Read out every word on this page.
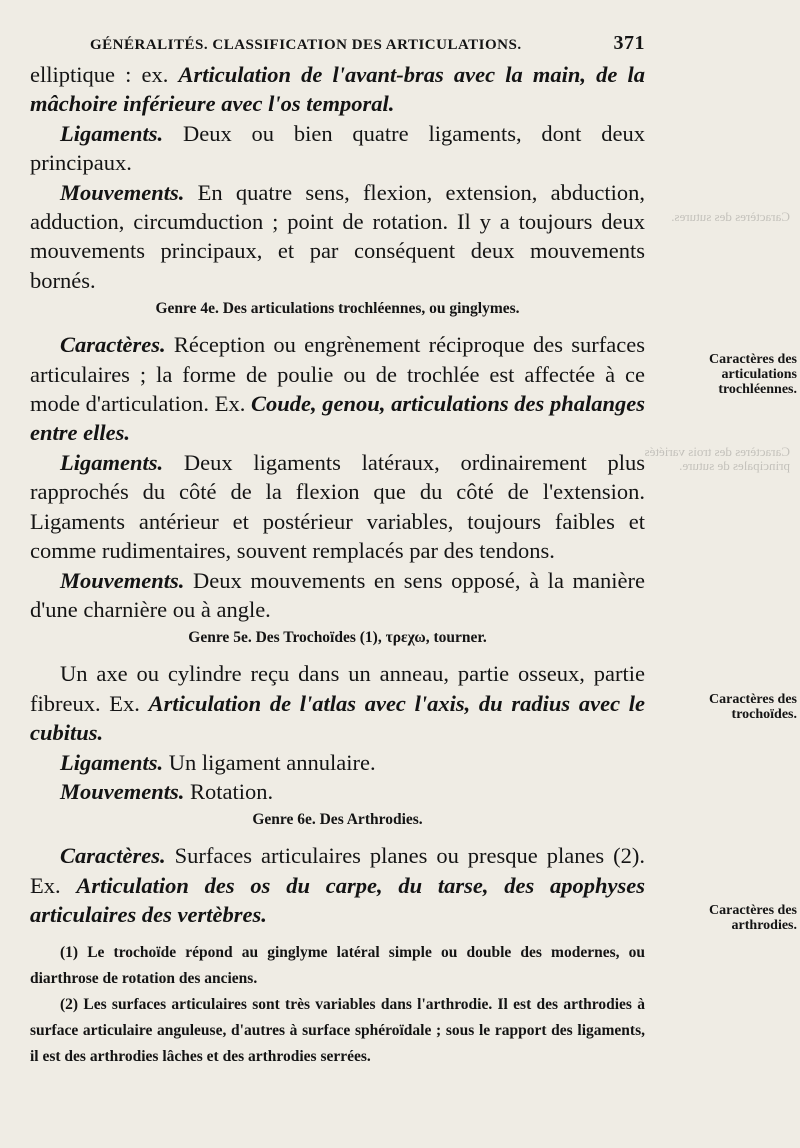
GÉNÉRALITÉS. CLASSIFICATION DES ARTICULATIONS.	371

elliptique : ex. Articulation de l'avant-bras avec la main, de la mâchoire inférieure avec l'os temporal.

Ligaments. Deux ou bien quatre ligaments, dont deux principaux.

Mouvements. En quatre sens, flexion, extension, abduction, adduction, circumduction ; point de rotation. Il y a toujours deux mouvements principaux, et par conséquent deux mouvements bornés.

Genre 4e. Des articulations trochléennes, ou ginglymes.

Caractères. Réception ou engrènement réciproque des surfaces articulaires ; la forme de poulie ou de trochlée est affectée à ce mode d'articulation. Ex. Coude, genou, articulations des phalanges entre elles.

Ligaments. Deux ligaments latéraux, ordinairement plus rapprochés du côté de la flexion que du côté de l'extension. Ligaments antérieur et postérieur variables, toujours faibles et comme rudimentaires, souvent remplacés par des tendons.

Mouvements. Deux mouvements en sens opposé, à la manière d'une charnière ou à angle.

Genre 5e. Des Trochoïdes (1), τρεχω, tourner.

Un axe ou cylindre reçu dans un anneau, partie osseux, partie fibreux. Ex. Articulation de l'atlas avec l'axis, du radius avec le cubitus.

Ligaments. Un ligament annulaire.

Mouvements. Rotation.

Genre 6e. Des Arthrodies.

Caractères. Surfaces articulaires planes ou presque planes (2). Ex. Articulation des os du carpe, du tarse, des apophyses articulaires des vertèbres.

(1) Le trochoïde répond au ginglyme latéral simple ou double des modernes, ou diarthrose de rotation des anciens.

(2) Les surfaces articulaires sont très variables dans l'arthrodie. Il est des arthrodies à surface articulaire anguleuse, d'autres à surface sphéroïdale ; sous le rapport des ligaments, il est des arthrodies lâches et des arthrodies serrées.

Caractères des sutures.
Caractères des trois variétés principales de suture.
Caractères des articulations trochléennes.
Caractères des trochoïdes.
Caractères des arthrodies.
